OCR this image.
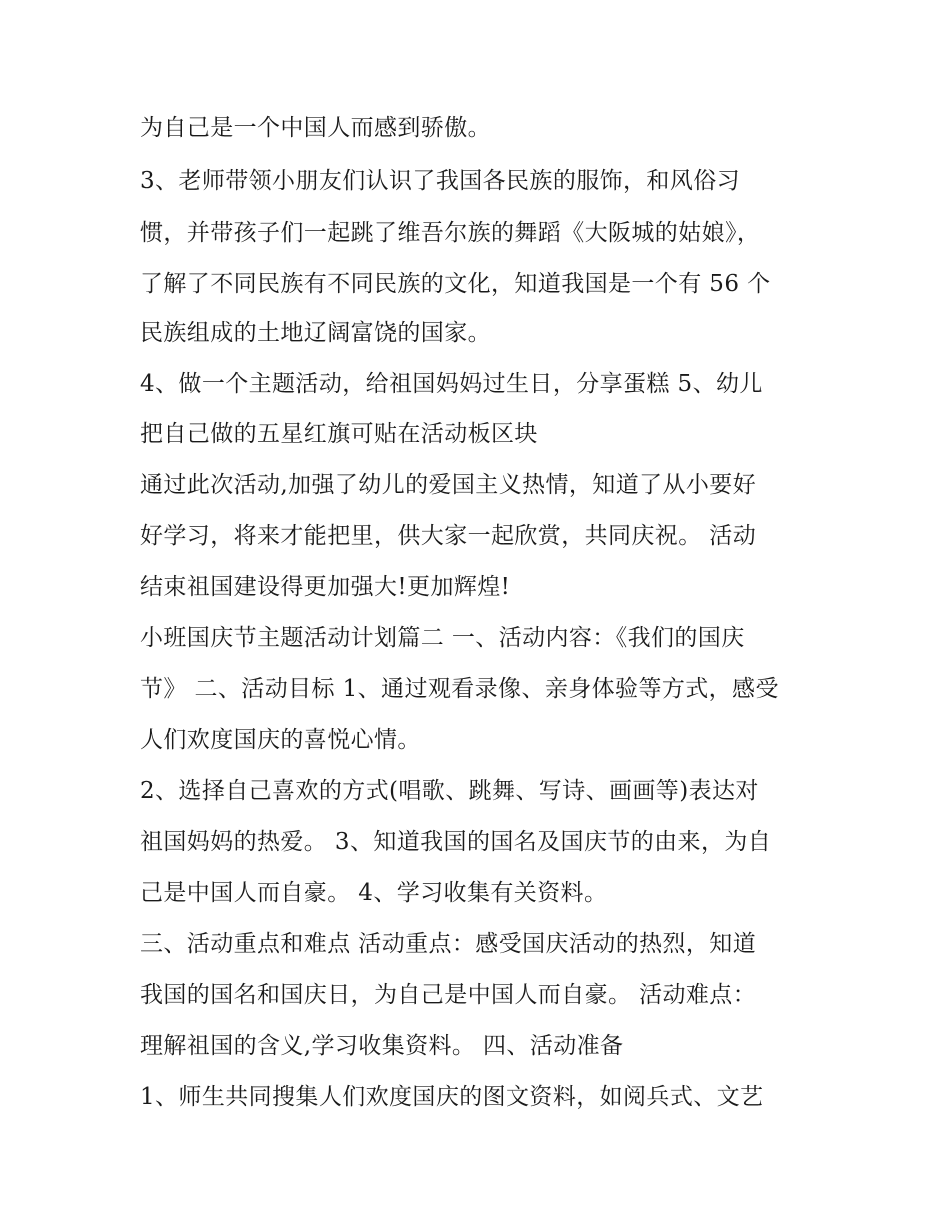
为自己是一个中国人而感到骄傲。
3、老师带领小朋友们认识了我国各民族的服饰，和风俗习
惯，并带孩子们一起跳了维吾尔族的舞蹈《大阪城的姑娘》，
了解了不同民族有不同民族的文化，知道我国是一个有 56 个
民族组成的土地辽阔富饶的国家。
4、做一个主题活动，给祖国妈妈过生日，分享蛋糕 5、幼儿
把自己做的五星红旗可贴在活动板区块
通过此次活动,加强了幼儿的爱国主义热情，知道了从小要好
好学习，将来才能把里，供大家一起欣赏，共同庆祝。 活动
结束祖国建设得更加强大!更加辉煌!
小班国庆节主题活动计划篇二 一、活动内容：《我们的国庆
节》 二、活动目标 1、通过观看录像、亲身体验等方式，感受
人们欢度国庆的喜悦心情。
2、选择自己喜欢的方式(唱歌、跳舞、写诗、画画等)表达对
祖国妈妈的热爱。 3、知道我国的国名及国庆节的由来，为自
己是中国人而自豪。 4、学习收集有关资料。
三、活动重点和难点 活动重点：感受国庆活动的热烈，知道
我国的国名和国庆日，为自己是中国人而自豪。 活动难点：
理解祖国的含义,学习收集资料。 四、活动准备
1、师生共同搜集人们欢度国庆的图文资料，如阅兵式、文艺
